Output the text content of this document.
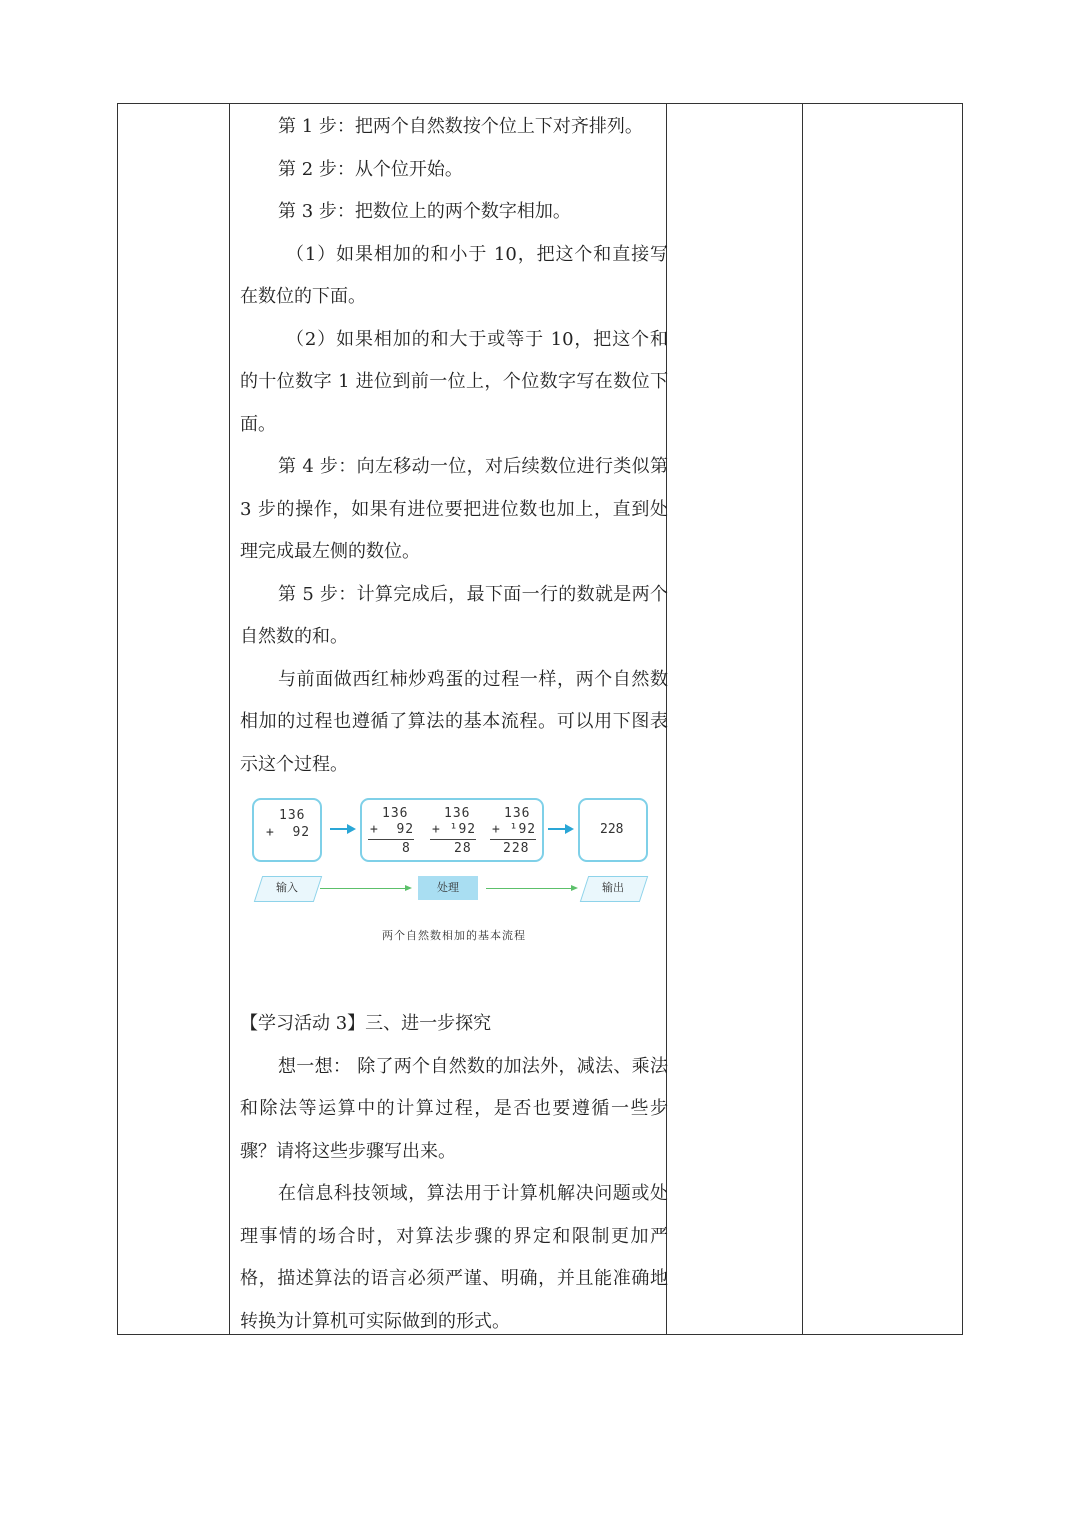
第 1 步：把两个自然数按个位上下对齐排列。

第 2 步：从个位开始。

第 3 步：把数位上的两个数字相加。

（1）如果相加的和小于 10，把这个和直接写在数位的下面。

（2）如果相加的和大于或等于 10，把这个和的十位数字 1 进位到前一位上，个位数字写在数位下面。

第 4 步：向左移动一位，对后续数位进行类似第 3 步的操作，如果有进位要把进位数也加上，直到处理完成最左侧的数位。

第 5 步：计算完成后，最下面一行的数就是两个自然数的和。

与前面做西红柿炒鸡蛋的过程一样，两个自然数相加的过程也遵循了算法的基本流程。可以用下图表示这个过程。

136
+  92
136
+  92
8
136
+ ¹92
28
136
+ ¹92
228
228
输入	处理	输出
两个自然数相加的基本流程

【学习活动 3】三、进一步探究

想一想： 除了两个自然数的加法外，减法、乘法和除法等运算中的计算过程，是否也要遵循一些步骤？请将这些步骤写出来。

在信息科技领域，算法用于计算机解决问题或处理事情的场合时，对算法步骤的界定和限制更加严格，描述算法的语言必须严谨、明确，并且能准确地转换为计算机可实际做到的形式。
